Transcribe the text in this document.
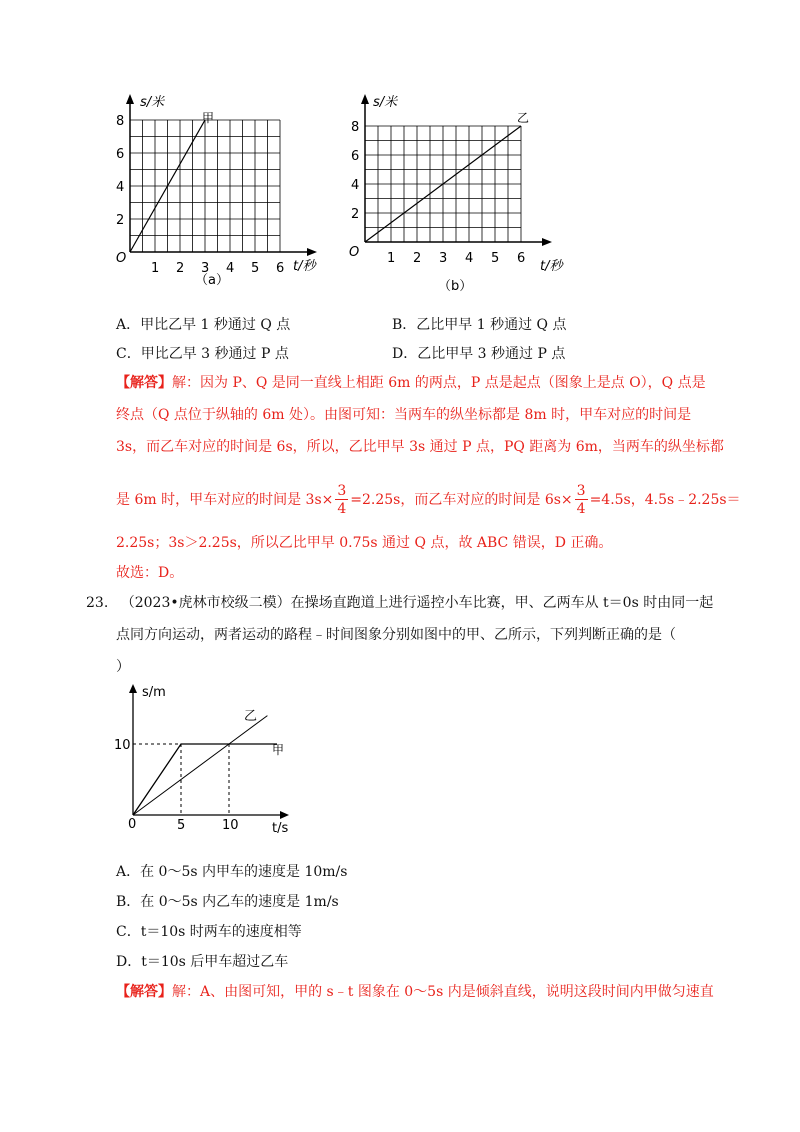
1 2 3 4 5 6
2
4
6
8
s/米
t/秒
O
甲
（a）
1 2 3 4 5 6
2
4
6
8
s/米
t/秒
O
乙
（b）
A．甲比乙早 1 秒通过 Q 点	B．乙比甲早 1 秒通过 Q 点
C．甲比乙早 3 秒通过 P 点	D．乙比甲早 3 秒通过 P 点
【解答】解：因为 P、Q 是同一直线上相距 6m 的两点，P 点是起点（图象上是点 O），Q 点是
终点（Q 点位于纵轴的 6m 处）。由图可知：当两车的纵坐标都是 8m 时，甲车对应的时间是
3s，而乙车对应的时间是 6s，所以，乙比甲早 3s 通过 P 点，PQ 距离为 6m，当两车的纵坐标都
是 6m 时，甲车对应的时间是 $3s\times \frac{3}{4} =2.25s$，而乙车对应的时间是 $6s\times \frac{3}{4} =4.5s$，4.5s﹣2.25s＝
2.25s；3s＞2.25s，所以乙比甲早 0.75s 通过 Q 点，故 ABC 错误，D 正确。
故选：D。
23. （2023•虎林市校级二模）在操场直跑道上进行遥控小车比赛，甲、乙两车从 t＝0s 时由同一起
点同方向运动，两者运动的路程﹣时间图象分别如图中的甲、乙所示，下列判断正确的是（
）
5	10
10
s/m
t/s
0
乙
甲
A．在 0～5s 内甲车的速度是 10m/s
B．在 0～5s 内乙车的速度是 1m/s
C．t＝10s 时两车的速度相等
D．t＝10s 后甲车超过乙车
【解答】解：A、由图可知，甲的 s﹣t 图象在 0～5s 内是倾斜直线，说明这段时间内甲做匀速直
